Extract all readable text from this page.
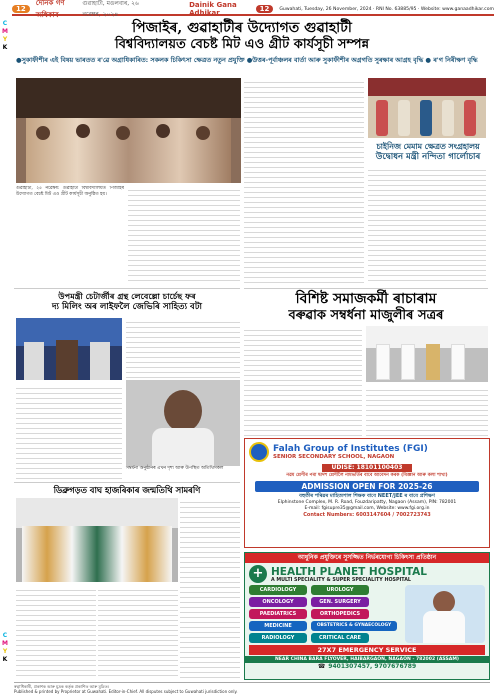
C
M
Y
K
C
M
Y
K
12
দৈনিক গণ অধিকাৰ
গুৱাহাটী, মঙলবাৰ, ২৬ নৱেম্বৰ, ২০২৪
Dainik Gana Adhikar	12	Guwahati, Tuesday, 26 November, 2024 · RNI No. 63885/95 · Website: www.ganaadhikar.com
পিজাইৰ, গুৱাহাটীৰ উদ্যোগত গুৱাহাটী
বিশ্ববিদ্যালয়ত বেচষ্ট মিট এও গ্ৰীট কাৰ্যসূচী সম্পন্ন
●সুকাফীশীৰ এই বিষয় ভাৰতত ৰ'ৱে অগ্ৰাধিকাৰিত: সকলক চিকিৎসা ক্ষেত্ৰত নতুন প্ৰযুক্তি ●উত্তৰ-পূৰ্বাঞ্চলৰ বাৰ্তা আৰু সুকাফীশীৰ অগ্ৰগতি সুৰক্ষাৰ আগ্ৰহ বৃদ্ধি ● ৰ'গ নিৰীক্ষণ বৃদ্ধি
গুৱাহাটী, ২৫ নৱেম্বৰ: গুৱাহাটী বিশ্ববিদ্যালয়ত পিজাইৰ উদ্যোগত বেচষ্ট মিট এও গ্ৰীট কাৰ্যসূচী অনুষ্ঠিত হয়।
চাইনিজ মেমাম ক্ষেত্ৰত সংগ্ৰহালয়
উদ্বোধন মন্ত্ৰী নন্দিতা গাৰ্লোচাৰ
বিশিষ্ট সমাজকৰ্মী ৰাচাৰাম
বৰুৱাক সম্বৰ্ধনা মাজুলীৰ সত্ৰৰ
উপমন্ত্ৰী চেটাৰ্জীৰ গ্ৰন্থ লেবেল্লো চাৰ্চেছ ফৰ
দ্য মিলিং অৰ লাইফলৈ জেভিৰি সাহিত্য বটা
সম্বৰ্ধনা অনুষ্ঠানৰ এখন দৃশ্য আৰু উপস্থিত অতিথিসকল
ডিব্ৰুগড়ত বাঘ হাজৰিকাৰ জন্মতিথি সামৰণি
Falah Group of Institutes (FGI)
SENIOR SECONDARY SCHOOL, NAGAON
UDISE: 18101100403
নৱম শ্ৰেণীৰ পৰা দ্বাদশ শ্ৰেণীলৈ নামভৰ্তিৰ বাবে আবেদন কৰক (বিজ্ঞান আৰু কলা শাখা)
ADMISSION OPEN FOR 2025-26
বহুতীৰ পৰিৱৰ মাহিত্যশাল শিক্ষক বাবে NEET/JEE ৰ বাবে প্ৰশিক্ষণ
Elphinstone Complex, M. R. Road, Fouzdaripatty, Nagaon (Assam), PIN: 782001
E-mail: fgisupre35@gmail.com, Website: www.fgi.org.in
Contact Numbers: 6003147604 / 7002723743
আধুনিক প্ৰযুক্তিৰে সুসজ্জিত নিৰ্ভৰযোগ্য চিকিৎসা প্ৰতিষ্ঠান
+ HEALTH PLANET HOSPITAL
A MULTI SPECIALITY & SUPER SPECIALITY HOSPITAL
CARDIOLOGY	UROLOGY
ONCOLOGY	GEN. SURGERY
PAEDIATRICS	ORTHOPEDICS
MEDICINE	OBSTETRICS & GYNAECOLOGY
RADIOLOGY	CRITICAL CARE
27X7 EMERGENCY SERVICE
NEAR CHINA BARA FLYOVER, HAIBARGAON, NAGAON - 782002 (ASSAM)
☎ 9401307457, 9707676789
স্বত্বাধিকাৰী, প্ৰকাশক আৰু মুদ্ৰক কৰ্তৃক প্ৰকাশিত আৰু মুদ্ৰিত।
Published & printed by Proprietor at Guwahati. Editor-in-Chief. All disputes subject to Guwahati jurisdiction only.
